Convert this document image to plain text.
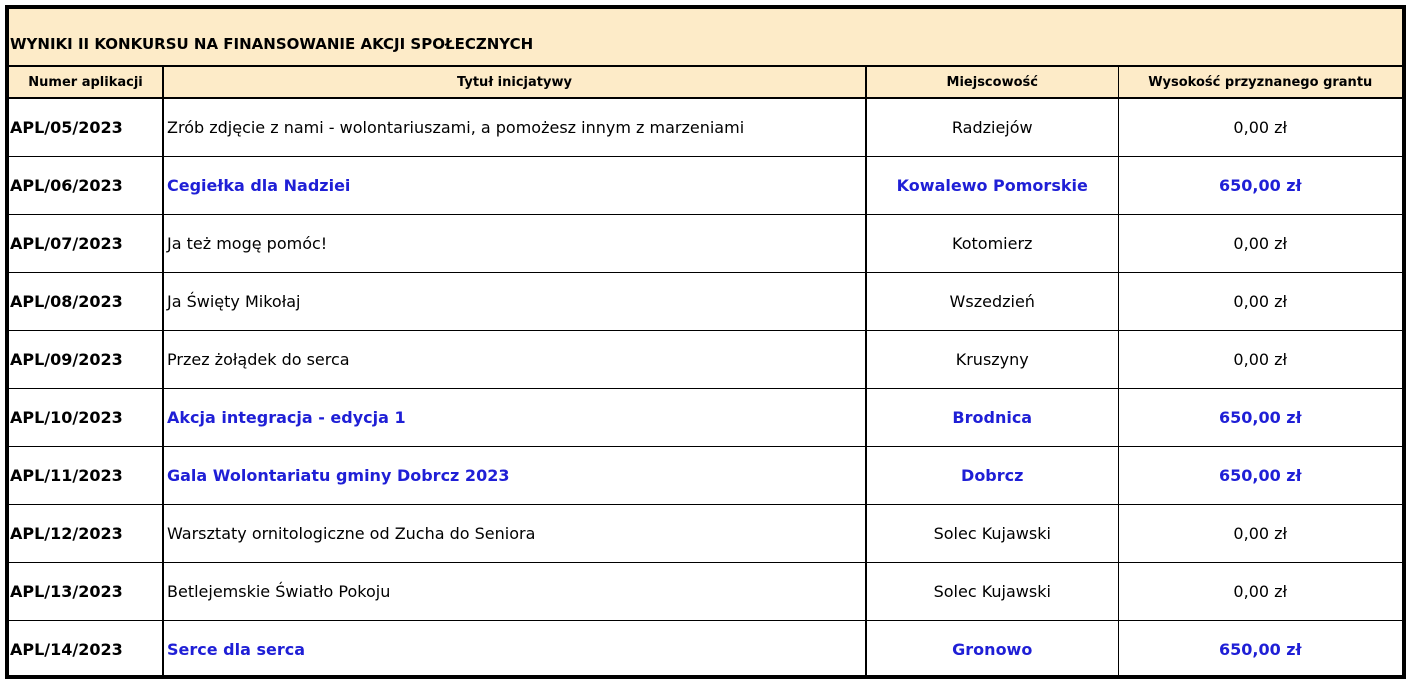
WYNIKI II KONKURSU NA FINANSOWANIE AKCJI SPOŁECZNYCH
Numer aplikacji	Tytuł inicjatywy	Miejscowość	Wysokość przyznanego grantu
APL/05/2023	Zrób zdjęcie z nami - wolontariuszami, a pomożesz innym z marzeniami	Radziejów	0,00 zł
APL/06/2023	Cegiełka dla Nadziei	Kowalewo Pomorskie	650,00 zł
APL/07/2023	Ja też mogę pomóc!	Kotomierz	0,00 zł
APL/08/2023	Ja Święty Mikołaj	Wszedzień	0,00 zł
APL/09/2023	Przez żołądek do serca	Kruszyny	0,00 zł
APL/10/2023	Akcja integracja - edycja 1	Brodnica	650,00 zł
APL/11/2023	Gala Wolontariatu gminy Dobrcz 2023	Dobrcz	650,00 zł
APL/12/2023	Warsztaty ornitologiczne od Zucha do Seniora	Solec Kujawski	0,00 zł
APL/13/2023	Betlejemskie Światło Pokoju	Solec Kujawski	0,00 zł
APL/14/2023	Serce dla serca	Gronowo	650,00 zł
